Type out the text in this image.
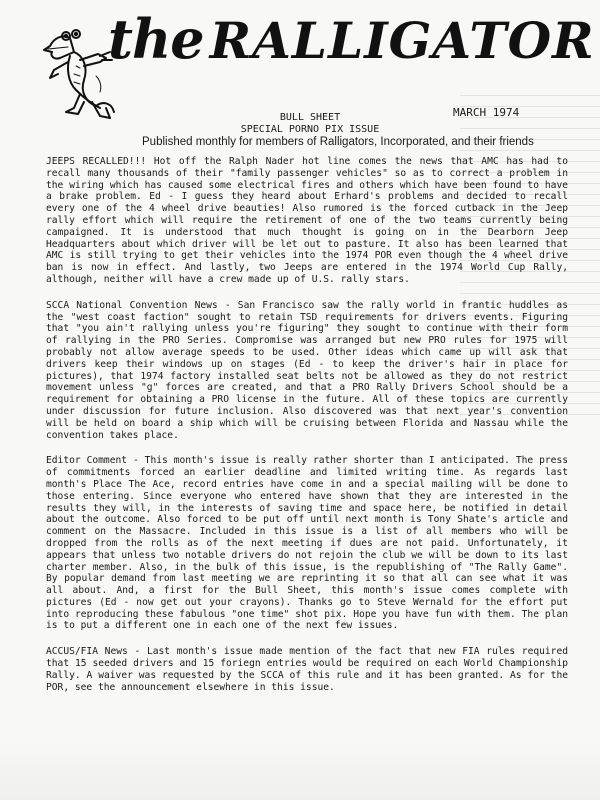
the RALLIGATOR
MARCH 1974
BULL SHEET
SPECIAL PORNO PIX ISSUE
Published monthly for members of Ralligators, Incorporated, and their friends

JEEPS RECALLED!!! Hot off the Ralph Nader hot line comes the news that AMC has had to recall many thousands of their "family passenger vehicles" so as to correct a problem in the wiring which has caused some electrical fires and others which have been found to have a brake problem. Ed - I guess they heard about Erhard's problems and decided to recall every one of the 4 wheel drive beauties! Also rumored is the forced cutback in the Jeep rally effort which will require the retirement of one of the two teams currently being campaigned. It is understood that much thought is going on in the Dearborn Jeep Headquarters about which driver will be let out to pasture. It also has been learned that AMC is still trying to get their vehicles into the 1974 POR even though the 4 wheel drive ban is now in effect. And lastly, two Jeeps are entered in the 1974 World Cup Rally, although, neither will have a crew made up of U.S. rally stars.

SCCA National Convention News - San Francisco saw the rally world in frantic huddles as the "west coast faction" sought to retain TSD requirements for drivers events. Figuring that "you ain't rallying unless you're figuring" they sought to continue with their form of rallying in the PRO Series. Compromise was arranged but new PRO rules for 1975 will probably not allow average speeds to be used. Other ideas which came up will ask that drivers keep their windows up on stages (Ed - to keep the driver's hair in place for pictures), that 1974 factory installed seat belts not be allowed as they do not restrict movement unless "g" forces are created, and that a PRO Rally Drivers School should be a requirement for obtaining a PRO license in the future. All of these topics are currently under discussion for future inclusion. Also discovered was that next year's convention will be held on board a ship which will be cruising between Florida and Nassau while the convention takes place.

Editor Comment - This month's issue is really rather shorter than I anticipated. The press of commitments forced an earlier deadline and limited writing time. As regards last month's Place The Ace, record entries have come in and a special mailing will be done to those entering. Since everyone who entered have shown that they are interested in the results they will, in the interests of saving time and space here, be notified in detail about the outcome. Also forced to be put off until next month is Tony Shate's article and comment on the Massacre. Included in this issue is a list of all members who will be dropped from the rolls as of the next meeting if dues are not paid. Unfortunately, it appears that unless two notable drivers do not rejoin the club we will be down to its last charter member. Also, in the bulk of this issue, is the republishing of "The Rally Game". By popular demand from last meeting we are reprinting it so that all can see what it was all about. And, a first for the Bull Sheet, this month's issue comes complete with pictures (Ed - now get out your crayons). Thanks go to Steve Wernald for the effort put into reproducing these fabulous "one time" shot pix. Hope you have fun with them. The plan is to put a different one in each one of the next few issues.

ACCUS/FIA News - Last month's issue made mention of the fact that new FIA rules required that 15 seeded drivers and 15 foriegn entries would be required on each World Championship Rally. A waiver was requested by the SCCA of this rule and it has been granted. As for the POR, see the announcement elsewhere in this issue.
